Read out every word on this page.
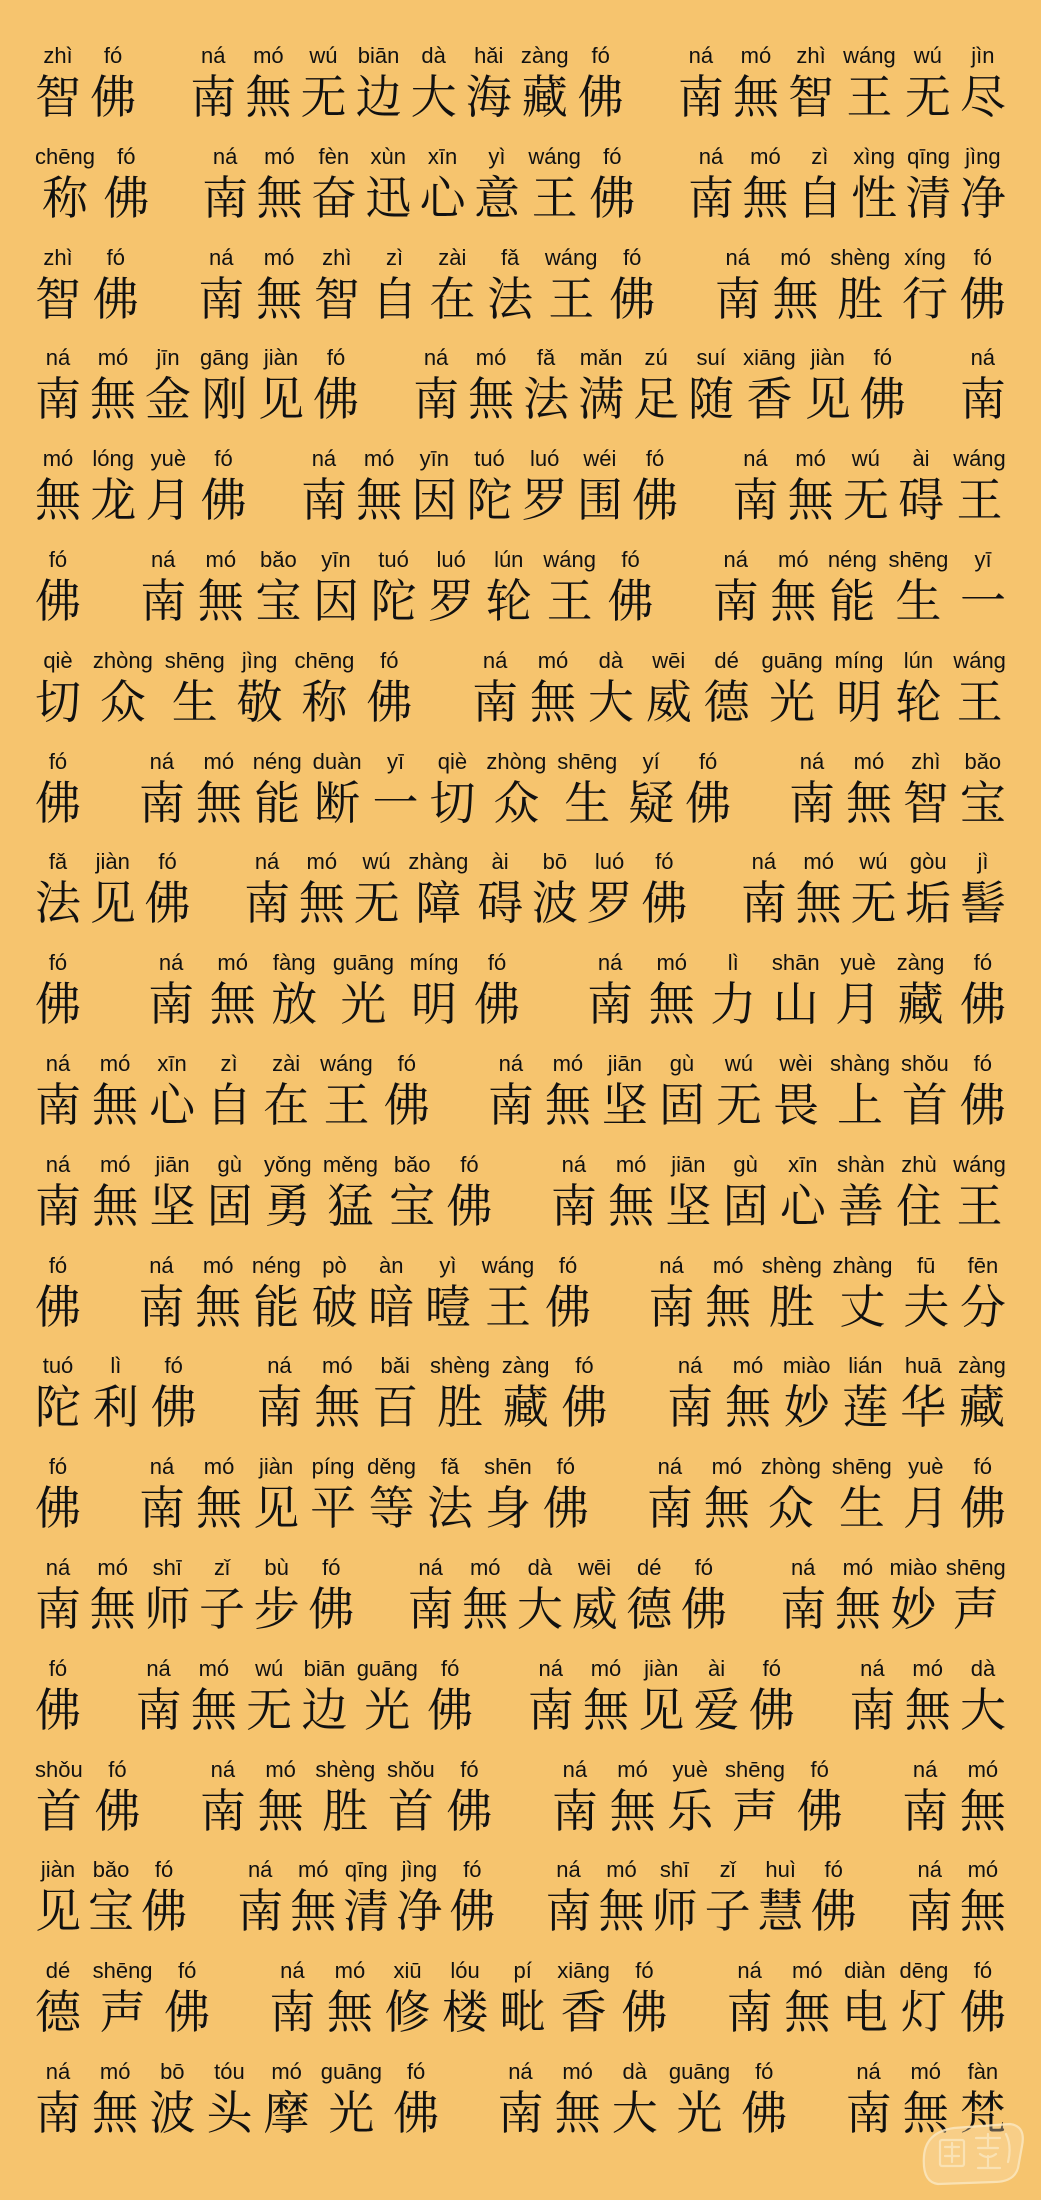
zhì
智
fó
佛
ná
南
mó
無
wú
无
biān
边
dà
大
hǎi
海
zàng
藏
fó
佛
ná
南
mó
無
zhì
智
wáng
王
wú
无
jìn
尽
chēng
称
fó
佛
ná
南
mó
無
fèn
奋
xùn
迅
xīn
心
yì
意
wáng
王
fó
佛
ná
南
mó
無
zì
自
xìng
性
qīng
清
jìng
净
zhì
智
fó
佛
ná
南
mó
無
zhì
智
zì
自
zài
在
fǎ
法
wáng
王
fó
佛
ná
南
mó
無
shèng
胜
xíng
行
fó
佛
ná
南
mó
無
jīn
金
gāng
刚
jiàn
见
fó
佛
ná
南
mó
無
fǎ
法
mǎn
满
zú
足
suí
随
xiāng
香
jiàn
见
fó
佛
ná
南
mó
無
lóng
龙
yuè
月
fó
佛
ná
南
mó
無
yīn
因
tuó
陀
luó
罗
wéi
围
fó
佛
ná
南
mó
無
wú
无
ài
碍
wáng
王
fó
佛
ná
南
mó
無
bǎo
宝
yīn
因
tuó
陀
luó
罗
lún
轮
wáng
王
fó
佛
ná
南
mó
無
néng
能
shēng
生
yī
一
qiè
切
zhòng
众
shēng
生
jìng
敬
chēng
称
fó
佛
ná
南
mó
無
dà
大
wēi
威
dé
德
guāng
光
míng
明
lún
轮
wáng
王
fó
佛
ná
南
mó
無
néng
能
duàn
断
yī
一
qiè
切
zhòng
众
shēng
生
yí
疑
fó
佛
ná
南
mó
無
zhì
智
bǎo
宝
fǎ
法
jiàn
见
fó
佛
ná
南
mó
無
wú
无
zhàng
障
ài
碍
bō
波
luó
罗
fó
佛
ná
南
mó
無
wú
无
gòu
垢
jì
髻
fó
佛
ná
南
mó
無
fàng
放
guāng
光
míng
明
fó
佛
ná
南
mó
無
lì
力
shān
山
yuè
月
zàng
藏
fó
佛
ná
南
mó
無
xīn
心
zì
自
zài
在
wáng
王
fó
佛
ná
南
mó
無
jiān
坚
gù
固
wú
无
wèi
畏
shàng
上
shǒu
首
fó
佛
ná
南
mó
無
jiān
坚
gù
固
yǒng
勇
měng
猛
bǎo
宝
fó
佛
ná
南
mó
無
jiān
坚
gù
固
xīn
心
shàn
善
zhù
住
wáng
王
fó
佛
ná
南
mó
無
néng
能
pò
破
àn
暗
yì
曀
wáng
王
fó
佛
ná
南
mó
無
shèng
胜
zhàng
丈
fū
夫
fēn
分
tuó
陀
lì
利
fó
佛
ná
南
mó
無
bǎi
百
shèng
胜
zàng
藏
fó
佛
ná
南
mó
無
miào
妙
lián
莲
huā
华
zàng
藏
fó
佛
ná
南
mó
無
jiàn
见
píng
平
děng
等
fǎ
法
shēn
身
fó
佛
ná
南
mó
無
zhòng
众
shēng
生
yuè
月
fó
佛
ná
南
mó
無
shī
师
zǐ
子
bù
步
fó
佛
ná
南
mó
無
dà
大
wēi
威
dé
德
fó
佛
ná
南
mó
無
miào
妙
shēng
声
fó
佛
ná
南
mó
無
wú
无
biān
边
guāng
光
fó
佛
ná
南
mó
無
jiàn
见
ài
爱
fó
佛
ná
南
mó
無
dà
大
shǒu
首
fó
佛
ná
南
mó
無
shèng
胜
shǒu
首
fó
佛
ná
南
mó
無
yuè
乐
shēng
声
fó
佛
ná
南
mó
無
jiàn
见
bǎo
宝
fó
佛
ná
南
mó
無
qīng
清
jìng
净
fó
佛
ná
南
mó
無
shī
师
zǐ
子
huì
慧
fó
佛
ná
南
mó
無
dé
德
shēng
声
fó
佛
ná
南
mó
無
xiū
修
lóu
楼
pí
毗
xiāng
香
fó
佛
ná
南
mó
無
diàn
电
dēng
灯
fó
佛
ná
南
mó
無
bō
波
tóu
头
mó
摩
guāng
光
fó
佛
ná
南
mó
無
dà
大
guāng
光
fó
佛
ná
南
mó
無
fàn
梵
